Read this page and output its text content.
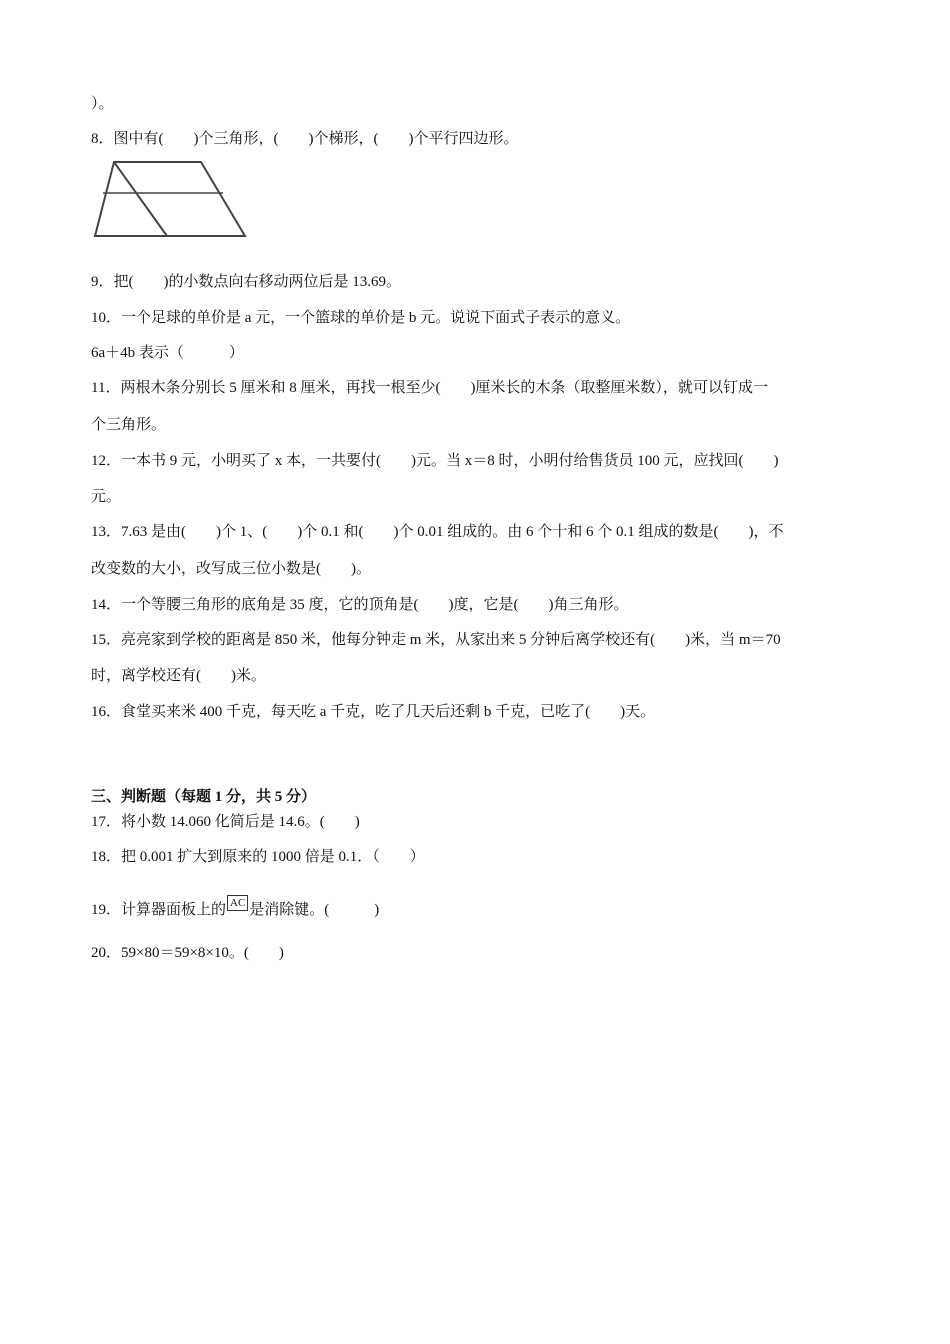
）。
8．图中有(　　)个三角形，(　　)个梯形，(　　)个平行四边形。
9．把(　　)的小数点向右移动两位后是 13.69。
10．一个足球的单价是 a 元，一个篮球的单价是 b 元。说说下面式子表示的意义。
6a＋4b 表示（　　　）
11．两根木条分别长 5 厘米和 8 厘米，再找一根至少(　　)厘米长的木条（取整厘米数），就可以钉成一
个三角形。
12．一本书 9 元，小明买了 x 本，一共要付(　　)元。当 x＝8 时，小明付给售货员 100 元，应找回(　　)
元。
13．7.63 是由(　　)个 1、(　　)个 0.1 和(　　)个 0.01 组成的。由 6 个十和 6 个 0.1 组成的数是(　　)，不
改变数的大小，改写成三位小数是(　　)。
14．一个等腰三角形的底角是 35 度，它的顶角是(　　)度，它是(　　)角三角形。
15．亮亮家到学校的距离是 850 米，他每分钟走 m 米，从家出来 5 分钟后离学校还有(　　)米，当 m＝70
时，离学校还有(　　)米。
16．食堂买来米 400 千克，每天吃 a 千克，吃了几天后还剩 b 千克，已吃了(　　)天。
三、判断题（每题 1 分，共 5 分）
17．将小数 14.060 化简后是 14.6。(　　)
18．把 0.001 扩大到原来的 1000 倍是 0.1．（　　）
19．计算器面板上的 AC 是消除键。(　　　)
20．59×80＝59×8×10。(　　)
